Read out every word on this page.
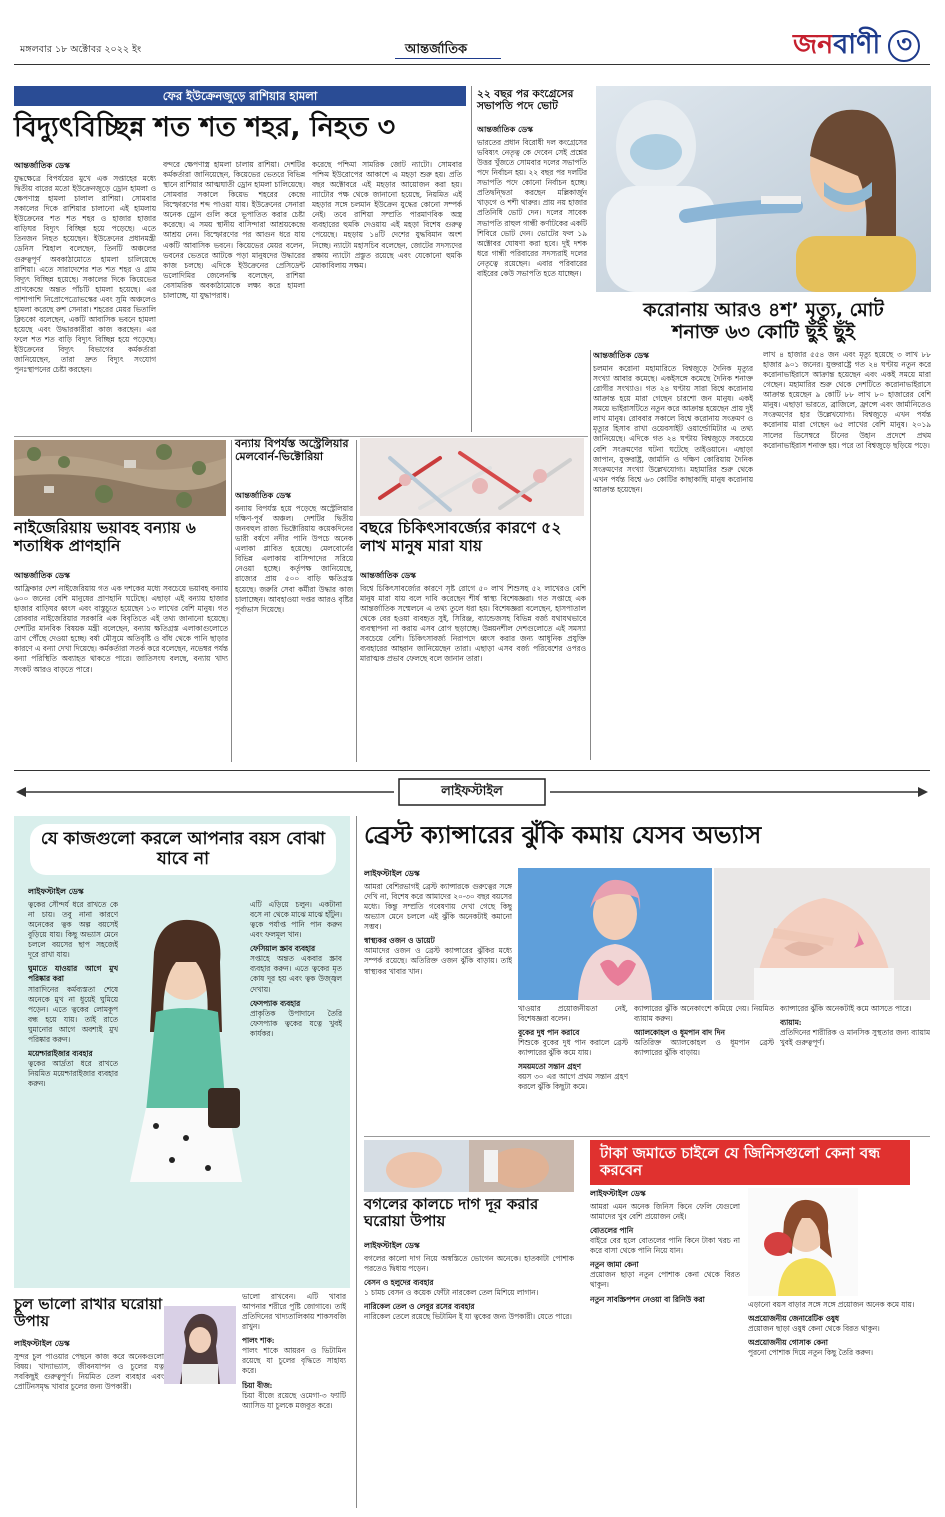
মঙ্গলবার ১৮ অক্টোবর ২০২২ ইং	আন্তর্জাতিক	জন বাণী ৩
ফের ইউক্রেনজুড়ে রাশিয়ার হামলা
বিদ্যুৎবিচ্ছিন্ন শত শত শহর, নিহত ৩
আন্তর্জাতিক ডেস্ক
যুদ্ধক্ষেত্রে বিপর্যয়ের মুখে এক সপ্তাহের মধ্যে দ্বিতীয় বারের মতো ইউক্রেনজুড়ে ড্রোন হামলা ও ক্ষেপণাস্ত্র হামলা চালাল রাশিয়া। সোমবার সকালের দিকে রাশিয়ার চালানো এই হামলায় ইউক্রেনের শত শত শহর ও হাজার হাজার বাড়িঘর বিদ্যুৎ বিচ্ছিন্ন হয়ে পড়েছে। এতে তিনজন নিহত হয়েছেন। ইউক্রেনের প্রধানমন্ত্রী ডেনিস শ্মিহাল বলেছেন, তিনটি অঞ্চলের গুরুত্বপূর্ণ অবকাঠামোতে হামলা চালিয়েছে রাশিয়া। এতে সারাদেশের শত শত শহর ও গ্রাম বিদ্যুৎ বিচ্ছিন্ন হয়েছে। সকালের দিকে কিয়েভের প্রাণকেন্দ্রে অন্তত পাঁচটি হামলা হয়েছে। এর পাশাপাশি নিপ্রোপেত্রোভস্কের এবং সুমি অঞ্চলেও হামলা করেছে রুশ সেনারা। শহরের মেয়র ভিতালি ক্লিচকো বলেছেন, একটি আবাসিক ভবনে হামলা হয়েছে এবং উদ্ধারকারীরা কাজ করছেন। এর ফলে শত শত বাড়ি বিদ্যুৎ বিচ্ছিন্ন হয়ে পড়েছে। ইউক্রেনের বিদ্যুৎ বিভাগের কর্মকর্তারা জানিয়েছেন, তারা দ্রুত বিদ্যুৎ সংযোগ পুনঃস্থাপনের চেষ্টা করছেন।
বন্দরে ক্ষেপণাস্ত্র হামলা চালায় রাশিয়া। দেশটির কর্মকর্তারা জানিয়েছেন, কিয়েভের ভেতরে বিভিন্ন স্থানে রাশিয়ার আত্মঘাতী ড্রোন হামলা চালিয়েছে। সোমবার সকালে কিয়েভ শহরের কেন্দ্রে বিস্ফোরণের শব্দ পাওয়া যায়। ইউক্রেনের সেনারা অনেক ড্রোন গুলি করে ভূপাতিত করার চেষ্টা করেছে। এ সময় স্থানীয় বাসিন্দারা আশ্রয়কেন্দ্রে আশ্রয় নেন। বিস্ফোরণের পর আগুন ধরে যায় একটি আবাসিক ভবনে। কিয়েভের মেয়র বলেন, ভবনের ভেতরে আটকে পড়া মানুষদের উদ্ধারের কাজ চলছে। এদিকে ইউক্রেনের প্রেসিডেন্ট ভলোদিমির জেলেনস্কি বলেছেন, রাশিয়া বেসামরিক অবকাঠামোকে লক্ষ্য করে হামলা চালাচ্ছে, যা যুদ্ধাপরাধ।
করেছে পশ্চিমা সামরিক জোট ন্যাটো। সোমবার পশ্চিম ইউরোপের আকাশে এ মহড়া শুরু হয়। প্রতি বছর অক্টোবরে এই মহড়ার আয়োজন করা হয়। ন্যাটোর পক্ষ থেকে জানানো হয়েছে, নিয়মিত এই মহড়ার সঙ্গে চলমান ইউক্রেন যুদ্ধের কোনো সম্পর্ক নেই। তবে রাশিয়া সম্প্রতি পারমাণবিক অস্ত্র ব্যবহারের হুমকি দেওয়ায় এই মহড়া বিশেষ গুরুত্ব পেয়েছে। মহড়ায় ১৪টি দেশের যুদ্ধবিমান অংশ নিচ্ছে। ন্যাটো মহাসচিব বলেছেন, জোটের সদস্যদের রক্ষায় ন্যাটো প্রস্তুত রয়েছে এবং যেকোনো হুমকি মোকাবিলায় সক্ষম।
২২ বছর পর কংগ্রেসের সভাপতি পদে ভোট
আন্তর্জাতিক ডেস্ক
ভারতের প্রধান বিরোধী দল কংগ্রেসের ভবিষ্যৎ নেতৃত্ব কে দেবেন সেই প্রশ্নের উত্তর খুঁজতে সোমবার দলের সভাপতি পদে নির্বাচন হয়। ২২ বছর পর দলটির সভাপতি পদে কোনো নির্বাচন হচ্ছে। প্রতিদ্বন্দ্বিতা করছেন মল্লিকার্জুন খাড়গে ও শশী থারুর। প্রায় নয় হাজার প্রতিনিধি ভোট দেন। দলের সাবেক সভাপতি রাহুল গান্ধী কর্ণাটকের একটি শিবিরে ভোট দেন। ভোটের ফল ১৯ অক্টোবর ঘোষণা করা হবে। দুই দশক ধরে গান্ধী পরিবারের সদস্যরাই দলের নেতৃত্বে রয়েছেন। এবার পরিবারের বাইরের কেউ সভাপতি হতে যাচ্ছেন।
করোনায় আরও ৪শ’ মৃত্যু, মোট
শনাক্ত ৬৩ কোটি ছুঁই ছুঁই
আন্তর্জাতিক ডেস্ক
চলমান করোনা মহামারিতে বিশ্বজুড়ে দৈনিক মৃত্যুর সংখ্যা আবার কমেছে। একইসঙ্গে কমেছে দৈনিক শনাক্ত রোগীর সংখ্যাও। গত ২৪ ঘণ্টায় সারা বিশ্বে করোনায় আক্রান্ত হয়ে মারা গেছেন চারশো জন মানুষ। একই সময়ে ভাইরাসটিতে নতুন করে আক্রান্ত হয়েছেন প্রায় দুই লাখ মানুষ। রোববার সকালে বিশ্বে করোনায় সংক্রমণ ও মৃত্যুর হিসাব রাখা ওয়েবসাইট ওয়ার্ল্ডোমিটার এ তথ্য জানিয়েছে। এদিকে গত ২৪ ঘণ্টায় বিশ্বজুড়ে সবচেয়ে বেশি সংক্রমণের ঘটনা ঘটেছে তাইওয়ানে। এছাড়া জাপান, যুক্তরাষ্ট্র, জার্মানি ও দক্ষিণ কোরিয়ায় দৈনিক সংক্রমণের সংখ্যা উল্লেখযোগ্য। মহামারির শুরু থেকে এখন পর্যন্ত বিশ্বে ৬৩ কোটির কাছাকাছি মানুষ করোনায় আক্রান্ত হয়েছেন।
লাখ ৪ হাজার ৫৫৪ জন এবং মৃত্যু হয়েছে ৩ লাখ ৮৮ হাজার ৯০১ জনের। যুক্তরাষ্ট্রে গত ২৪ ঘণ্টায় নতুন করে করোনাভাইরাসে আক্রান্ত হয়েছেন এবং একই সময়ে মারা গেছেন। মহামারির শুরু থেকে দেশটিতে করোনাভাইরাসে আক্রান্ত হয়েছেন ৯ কোটি ৮৮ লাখ ৮০ হাজারের বেশি মানুষ। এছাড়া ভারতে, ব্রাজিলে, ফ্রান্সে এবং জার্মানিতেও সংক্রমণের হার উল্লেখযোগ্য। বিশ্বজুড়ে এখন পর্যন্ত করোনায় মারা গেছেন ৬৫ লাখের বেশি মানুষ। ২০১৯ সালের ডিসেম্বরে চীনের উহান প্রদেশে প্রথম করোনাভাইরাস শনাক্ত হয়। পরে তা বিশ্বজুড়ে ছড়িয়ে পড়ে।
বন্যায় বিপর্যস্ত অস্ট্রেলিয়ার মেলবোর্ন-ভিক্টোরিয়া
আন্তর্জাতিক ডেস্ক
বন্যায় বিপর্যস্ত হয়ে পড়েছে অস্ট্রেলিয়ার দক্ষিণ-পূর্ব অঞ্চল। দেশটির দ্বিতীয় জনবহুল রাজ্য ভিক্টোরিয়ায় কয়েকদিনের ভারী বর্ষণে নদীর পানি উপচে অনেক এলাকা প্লাবিত হয়েছে। মেলবোর্নের বিভিন্ন এলাকায় বাসিন্দাদের সরিয়ে নেওয়া হচ্ছে। কর্তৃপক্ষ জানিয়েছে, রাজ্যের প্রায় ৫০০ বাড়ি ক্ষতিগ্রস্ত হয়েছে। জরুরি সেবা কর্মীরা উদ্ধার কাজ চালাচ্ছেন। আবহাওয়া দপ্তর আরও বৃষ্টির পূর্বাভাস দিয়েছে।
নাইজেরিয়ায় ভয়াবহ বন্যায় ৬ শতাধিক প্রাণহানি
আন্তর্জাতিক ডেস্ক
আফ্রিকার দেশ নাইজেরিয়ায় গত এক দশকের মধ্যে সবচেয়ে ভয়াবহ বন্যায় ৬০০ জনের বেশি মানুষের প্রাণহানি ঘটেছে। এছাড়া এই বন্যায় হাজার হাজার বাড়িঘর ধ্বংস এবং বাস্তুচ্যুত হয়েছেন ১৩ লাখের বেশি মানুষ। গত রোববার নাইজেরিয়ার সরকারি এক বিবৃতিতে এই তথ্য জানানো হয়েছে। দেশটির মানবিক বিষয়ক মন্ত্রী বলেছেন, বন্যায় ক্ষতিগ্রস্ত এলাকাগুলোতে ত্রাণ পৌঁছে দেওয়া হচ্ছে। বর্ষা মৌসুমে অতিবৃষ্টি ও বাঁধ থেকে পানি ছাড়ার কারণে এ বন্যা দেখা দিয়েছে। কর্মকর্তারা সতর্ক করে বলেছেন, নভেম্বর পর্যন্ত বন্যা পরিস্থিতি অব্যাহত থাকতে পারে। জাতিসংঘ বলছে, বন্যায় খাদ্য সংকট আরও বাড়তে পারে।
বছরে চিকিৎসাবর্জ্যের কারণে ৫২ লাখ মানুষ মারা যায়
আন্তর্জাতিক ডেস্ক
বিশ্বে চিকিৎসাবর্জ্যের কারণে সৃষ্ট রোগে ৫০ লাখ শিশুসহ ৫২ লাখেরও বেশি মানুষ মারা যায় বলে দাবি করেছেন শীর্ষ স্বাস্থ্য বিশেষজ্ঞরা। গত সপ্তাহে এক আন্তর্জাতিক সম্মেলনে এ তথ্য তুলে ধরা হয়। বিশেষজ্ঞরা বলেছেন, হাসপাতাল থেকে বের হওয়া ব্যবহৃত সুই, সিরিঞ্জ, ব্যান্ডেজসহ বিভিন্ন বর্জ্য যথাযথভাবে ব্যবস্থাপনা না করায় এসব রোগ ছড়াচ্ছে। উন্নয়নশীল দেশগুলোতে এই সমস্যা সবচেয়ে বেশি। চিকিৎসাবর্জ্য নিরাপদে ধ্বংস করার জন্য আধুনিক প্রযুক্তি ব্যবহারের আহ্বান জানিয়েছেন তারা। এছাড়া এসব বর্জ্য পরিবেশের ওপরও মারাত্মক প্রভাব ফেলছে বলে জানান তারা।
লাইফস্টাইল
যে কাজগুলো করলে আপনার বয়স বোঝা যাবে না
লাইফস্টাইল ডেস্ক
ত্বকের সৌন্দর্য ধরে রাখতে কে না চায়। তবু নানা কারণে অনেকের ত্বক অল্প বয়সেই বুড়িয়ে যায়। কিছু অভ্যাস মেনে চললে বয়সের ছাপ সহজেই দূরে রাখা যায়।
ঘুমাতে যাওয়ার আগে মুখ পরিষ্কার করা
সারাদিনের কর্মব্যস্ততা শেষে অনেকে মুখ না ধুয়েই ঘুমিয়ে পড়েন। এতে ত্বকের লোমকূপ বন্ধ হয়ে যায়। তাই রাতে ঘুমানোর আগে অবশ্যই মুখ পরিষ্কার করুন।
ময়েশ্চারাইজার ব্যবহার
ত্বকের আর্দ্রতা ধরে রাখতে নিয়মিত ময়েশ্চারাইজার ব্যবহার করুন।
এটি এড়িয়ে চলুন। একটানা বসে না থেকে মাঝে মাঝে হাঁটুন। ত্বকে পর্যাপ্ত পানি পান করুন এবং ফলমূল খান।
ফেসিয়াল স্ক্রাব ব্যবহার
সপ্তাহে অন্তত একবার স্ক্রাব ব্যবহার করুন। এতে ত্বকের মৃত কোষ দূর হয় এবং ত্বক উজ্জ্বল দেখায়।
ফেসপ্যাক ব্যবহার
প্রাকৃতিক উপাদানে তৈরি ফেসপ্যাক ত্বকের যত্নে খুবই কার্যকর।
চুল ভালো রাখার ঘরোয়া উপায়
লাইফস্টাইল ডেস্ক
সুন্দর চুল পাওয়ার পেছনে কাজ করে অনেকগুলো বিষয়। খাদ্যাভ্যাস, জীবনযাপন ও চুলের যত্ন সবকিছুই গুরুত্বপূর্ণ। নিয়মিত তেল ব্যবহার এবং প্রোটিনসমৃদ্ধ খাবার চুলের জন্য উপকারী।
ভালো রাখবেন। এটি খাবার আপনার শরীরে পুষ্টি জোগাবে। তাই প্রতিদিনের খাদ্যতালিকায় শাকসবজি রাখুন।
পালং শাক:
পালং শাকে আয়রন ও ভিটামিন রয়েছে যা চুলের বৃদ্ধিতে সাহায্য করে।
চিয়া বীজ:
চিয়া বীজে রয়েছে ওমেগা-৩ ফ্যাটি অ্যাসিড যা চুলকে মজবুত করে।
ব্রেস্ট ক্যান্সারের ঝুঁকি কমায় যেসব অভ্যাস
লাইফস্টাইল ডেস্ক
আমরা বেশিরভাগই ব্রেস্ট ক্যান্সারকে গুরুত্বের সঙ্গে দেখি না, বিশেষ করে আমাদের ২০-৩০ বছর বয়সের মধ্যে। কিন্তু সম্প্রতি গবেষণায় দেখা গেছে কিছু অভ্যাস মেনে চললে এই ঝুঁকি অনেকটাই কমানো সম্ভব।
স্বাস্থ্যকর ওজন ও ডায়েট
আমাদের ওজন ও ব্রেস্ট ক্যান্সারের ঝুঁকির মধ্যে সম্পর্ক রয়েছে। অতিরিক্ত ওজন ঝুঁকি বাড়ায়। তাই স্বাস্থ্যকর খাবার খান।
খাওয়ার প্রয়োজনীয়তা নেই, বিশেষজ্ঞরা বলেন।
বুকের দুধ পান করাবে
শিশুকে বুকের দুধ পান করালে ব্রেস্ট ক্যান্সারের ঝুঁকি কমে যায়।
সময়মতো সন্তান গ্রহণ
বয়স ৩০ এর আগে প্রথম সন্তান গ্রহণ করলে ঝুঁকি কিছুটা কমে।
ক্যান্সারের ঝুঁকি অনেকাংশে কমিয়ে দেয়। নিয়মিত ব্যায়াম করুন।
অ্যালকোহল ও ধূমপান বাদ দিন
অতিরিক্ত অ্যালকোহল ও ধূমপান ব্রেস্ট ক্যান্সারের ঝুঁকি বাড়ায়।
ক্যান্সারের ঝুঁকি অনেকটাই কমে আসতে পারে।
ব্যায়াম:
প্রতিদিনের শারীরিক ও মানসিক সুস্থতার জন্য ব্যায়াম খুবই গুরুত্বপূর্ণ।
বগলের কালচে দাগ দূর করার ঘরোয়া উপায়
লাইফস্টাইল ডেস্ক
বগলের কালো দাগ নিয়ে অস্বস্তিতে ভোগেন অনেকে। হাতকাটা পোশাক পরতেও দ্বিধায় পড়েন।
বেসন ও হলুদের ব্যবহার
১ চামচ বেসন ও কয়েক ফোঁটা নারকেল তেল মিশিয়ে লাগান।
নারিকেল তেল ও লেবুর রসের ব্যবহার
নারিকেল তেলে রয়েছে ভিটামিন ই যা ত্বকের জন্য উপকারী। যেতে পারে।
টাকা জমাতে চাইলে যে জিনিসগুলো কেনা বন্ধ করবেন
লাইফস্টাইল ডেস্ক
আমরা এমন অনেক জিনিস কিনে ফেলি যেগুলো আমাদের খুব বেশি প্রয়োজন নেই।
বোতলের পানি
বাইরে বের হলে বোতলের পানি কিনে টাকা খরচ না করে বাসা থেকে পানি নিয়ে যান।
নতুন জামা কেনা
প্রয়োজন ছাড়া নতুন পোশাক কেনা থেকে বিরত থাকুন।
নতুন সাবস্ক্রিপশন নেওয়া বা রিনিউ করা
এড়ানো বয়স বাড়ার সঙ্গে সঙ্গে প্রয়োজন অনেক কমে যায়।
অপ্রয়োজনীয় জেনারেটিক ওষুধ
প্রয়োজন ছাড়া ওষুধ কেনা থেকে বিরত থাকুন।
অপ্রয়োজনীয় গোসাক কেনা
পুরনো পোশাক দিয়ে নতুন কিছু তৈরি করুন।
